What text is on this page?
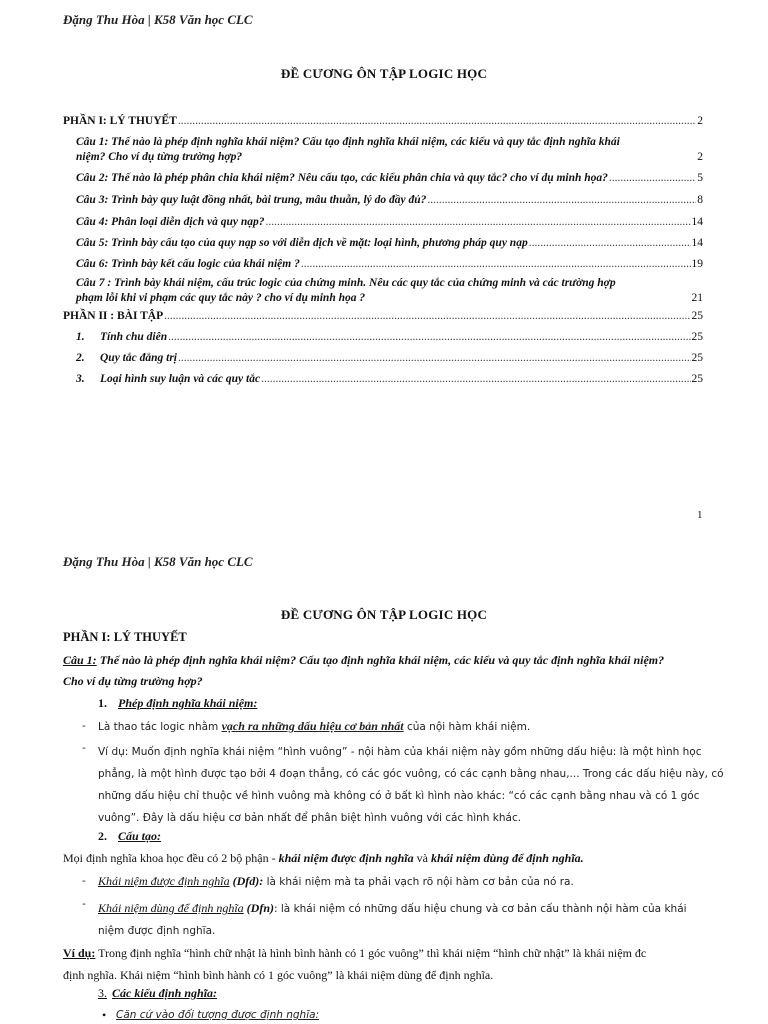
Đặng Thu Hòa | K58 Văn học CLC
ĐỀ CƯƠNG ÔN TẬP LOGIC HỌC
PHẦN I: LÝ THUYẾT .....	2
Câu 1: Thế nào là phép định nghĩa khái niệm? Cấu tạo định nghĩa khái niệm, các kiểu và quy tắc định nghĩa khái
niệm? Cho ví dụ từng trường hợp?	2
Câu 2: Thế nào là phép phân chia khái niệm? Nêu cấu tạo, các kiểu phân chia và quy tắc? cho ví dụ minh họa? .....	5
Câu 3: Trình bày quy luật đồng nhất, bài trung, mâu thuẫn, lý do đầy đủ? .....	8
Câu 4: Phân loại diễn dịch và quy nạp? .....	14
Câu 5: Trình bày cấu tạo của quy nạp so với diễn dịch về mặt: loại hình, phương pháp quy nạp .....	14
Câu 6: Trình bày kết cấu logic của khái niệm ? .....	19
Câu 7 : Trình bày khái niệm, cấu trúc logic của chứng minh. Nêu các quy tắc của chứng minh và các trường hợp
phạm lỗi khi vi phạm các quy tắc này ? cho ví dụ minh họa ?	21
PHẦN II : BÀI TẬP .....	25
1.	Tính chu diên .....	25
2.	Quy tắc đẳng trị .....	25
3.	Loại hình suy luận và các quy tắc .....	25
1
Đặng Thu Hòa | K58 Văn học CLC
ĐỀ CƯƠNG ÔN TẬP LOGIC HỌC
PHẦN I: LÝ THUYẾT
Câu 1: Thế nào là phép định nghĩa khái niệm? Cấu tạo định nghĩa khái niệm, các kiểu và quy tắc định nghĩa khái niệm?
Cho ví dụ từng trường hợp?
1. Phép định nghĩa khái niệm:
- Là thao tác logic nhằm vạch ra những dấu hiệu cơ bản nhất của nội hàm khái niệm.
- Ví dụ: Muốn định nghĩa khái niệm “hình vuông” - nội hàm của khái niệm này gồm những dấu hiệu: là một hình học
phẳng, là một hình được tạo bởi 4 đoạn thẳng, có các góc vuông, có các cạnh bằng nhau,... Trong các dấu hiệu này, có
những dấu hiệu chỉ thuộc về hình vuông mà không có ở bất kì hình nào khác: “có các cạnh bằng nhau và có 1 góc
vuông”. Đây là dấu hiệu cơ bản nhất để phân biệt hình vuông với các hình khác.
2. Cấu tạo:
Mọi định nghĩa khoa học đều có 2 bộ phận - khái niệm được định nghĩa và khái niệm dùng để định nghĩa.
- Khái niệm được định nghĩa (Dfd): là khái niệm mà ta phải vạch rõ nội hàm cơ bản của nó ra.
- Khái niệm dùng để định nghĩa (Dfn): là khái niệm có những dấu hiệu chung và cơ bản cấu thành nội hàm của khái
niệm được định nghĩa.
Ví dụ: Trong định nghĩa “hình chữ nhật là hình bình hành có 1 góc vuông” thì khái niệm “hình chữ nhật” là khái niệm đc
định nghĩa. Khái niệm “hình bình hành có 1 góc vuông” là khái niệm dùng để định nghĩa.
3. Các kiểu định nghĩa:
• Căn cứ vào đối tượng được định nghĩa:
